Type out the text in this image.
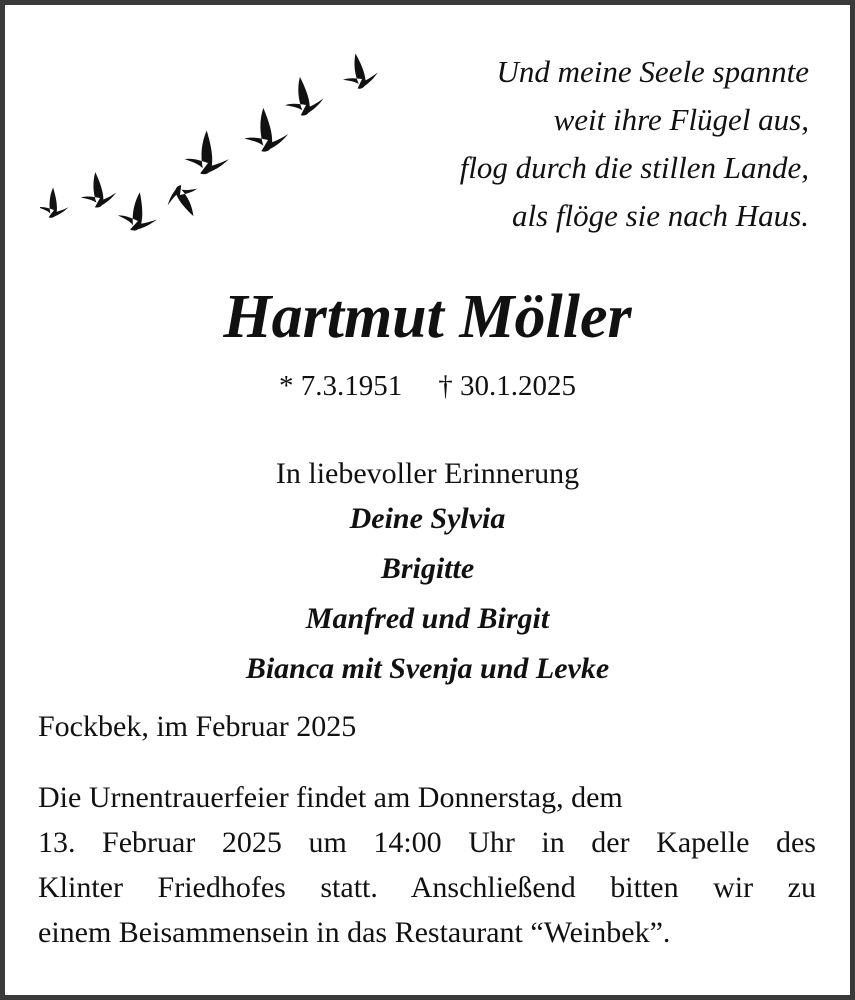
Und meine Seele spannte
weit ihre Flügel aus,
flog durch die stillen Lande,
als flöge sie nach Haus.
Hartmut Möller
* 7.3.1951 † 30.1.2025
In liebevoller Erinnerung
Deine Sylvia
Brigitte
Manfred und Birgit
Bianca mit Svenja und Levke
Fockbek, im Februar 2025
Die Urnentrauerfeier findet am Donnerstag, dem
13. Februar 2025 um 14:00 Uhr in der Kapelle des
Klinter Friedhofes statt. Anschließend bitten wir zu
einem Beisammensein in das Restaurant “Weinbek”.
